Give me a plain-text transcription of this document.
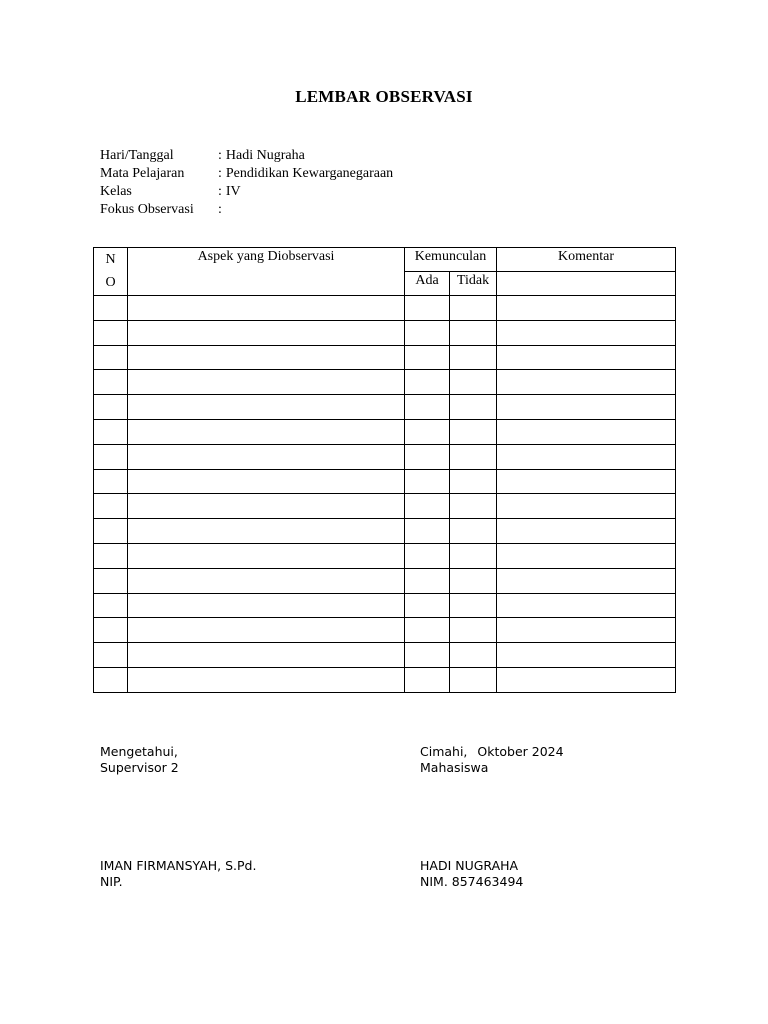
LEMBAR OBSERVASI
Hari/Tanggal	: Hadi Nugraha
Mata Pelajaran : Pendidikan Kewarganegaraan
Kelas	: IV
Fokus Observasi :
N
O	Aspek yang Diobservasi	Kemunculan		Komentar
		Ada	Tidak	

Mengetahui,
Supervisor 2
Cimahi, Oktober 2024
Mahasiswa
IMAN FIRMANSYAH, S.Pd.
NIP.
HADI NUGRAHA
NIM. 857463494
